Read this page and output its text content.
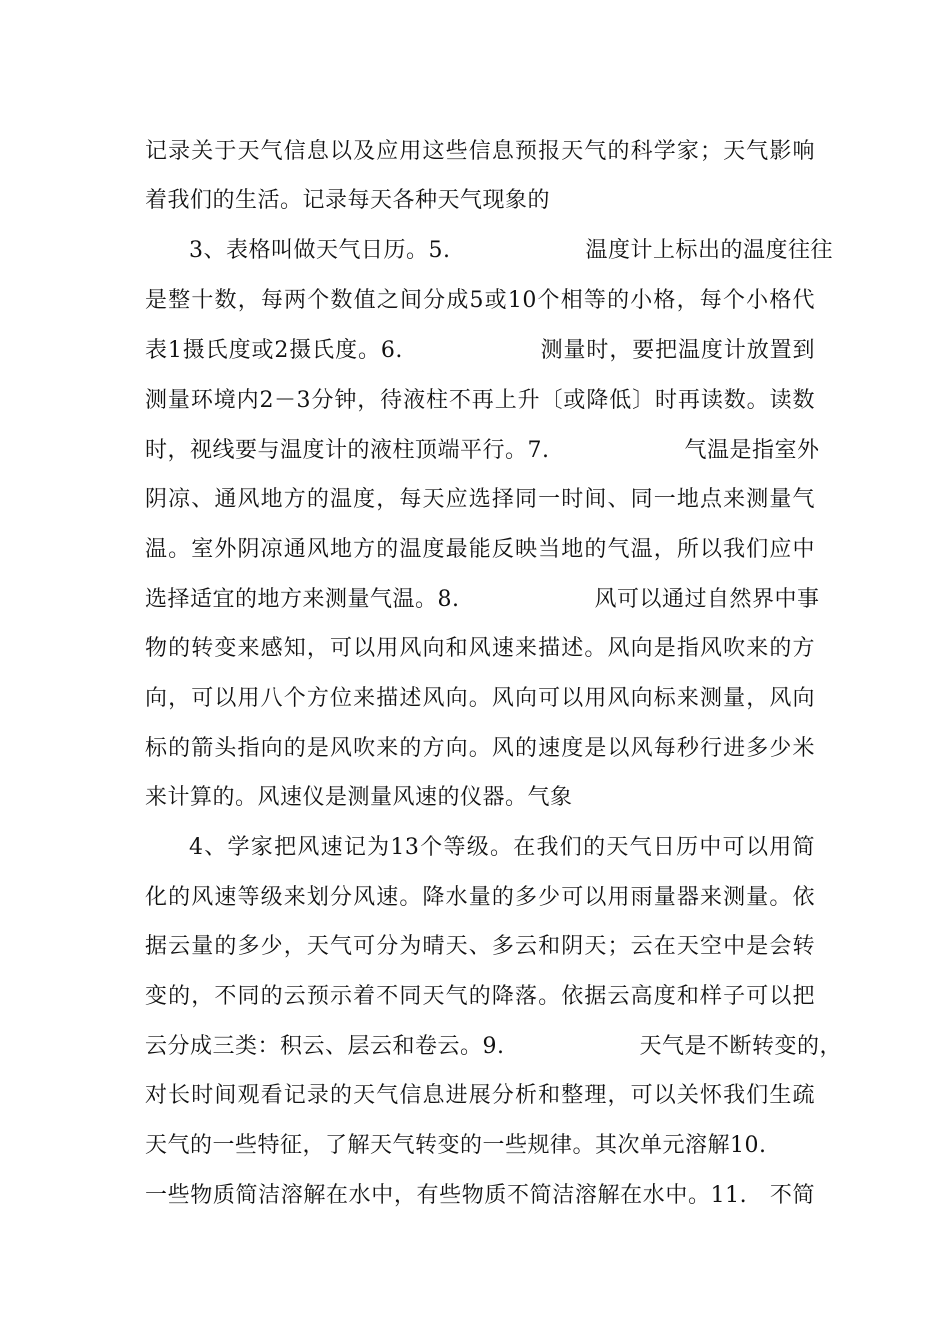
记录关于天气信息以及应用这些信息预报天气的科学家；天气影响
着我们的生活。记录每天各种天气现象的
3、表格叫做天气日历。5.　　　　　　温度计上标出的温度往往
是整十数，每两个数值之间分成5或10个相等的小格，每个小格代
表1摄氏度或2摄氏度。6.　　　　　　测量时，要把温度计放置到
测量环境内2－3分钟，待液柱不再上升〔或降低〕时再读数。读数
时，视线要与温度计的液柱顶端平行。7.　　　　　　气温是指室外
阴凉、通风地方的温度，每天应选择同一时间、同一地点来测量气
温。室外阴凉通风地方的温度最能反映当地的气温，所以我们应中
选择适宜的地方来测量气温。8.　　　　　　风可以通过自然界中事
物的转变来感知，可以用风向和风速来描述。风向是指风吹来的方
向，可以用八个方位来描述风向。风向可以用风向标来测量，风向
标的箭头指向的是风吹来的方向。风的速度是以风每秒行进多少米
来计算的。风速仪是测量风速的仪器。气象
4、学家把风速记为13个等级。在我们的天气日历中可以用简
化的风速等级来划分风速。降水量的多少可以用雨量器来测量。依
据云量的多少，天气可分为晴天、多云和阴天；云在天空中是会转
变的，不同的云预示着不同天气的降落。依据云高度和样子可以把
云分成三类：积云、层云和卷云。9.　　　　　　天气是不断转变的，
对长时间观看记录的天气信息进展分析和整理，可以关怀我们生疏
天气的一些特征，了解天气转变的一些规律。其次单元溶解10.
一些物质简洁溶解在水中，有些物质不简洁溶解在水中。11.　不简
